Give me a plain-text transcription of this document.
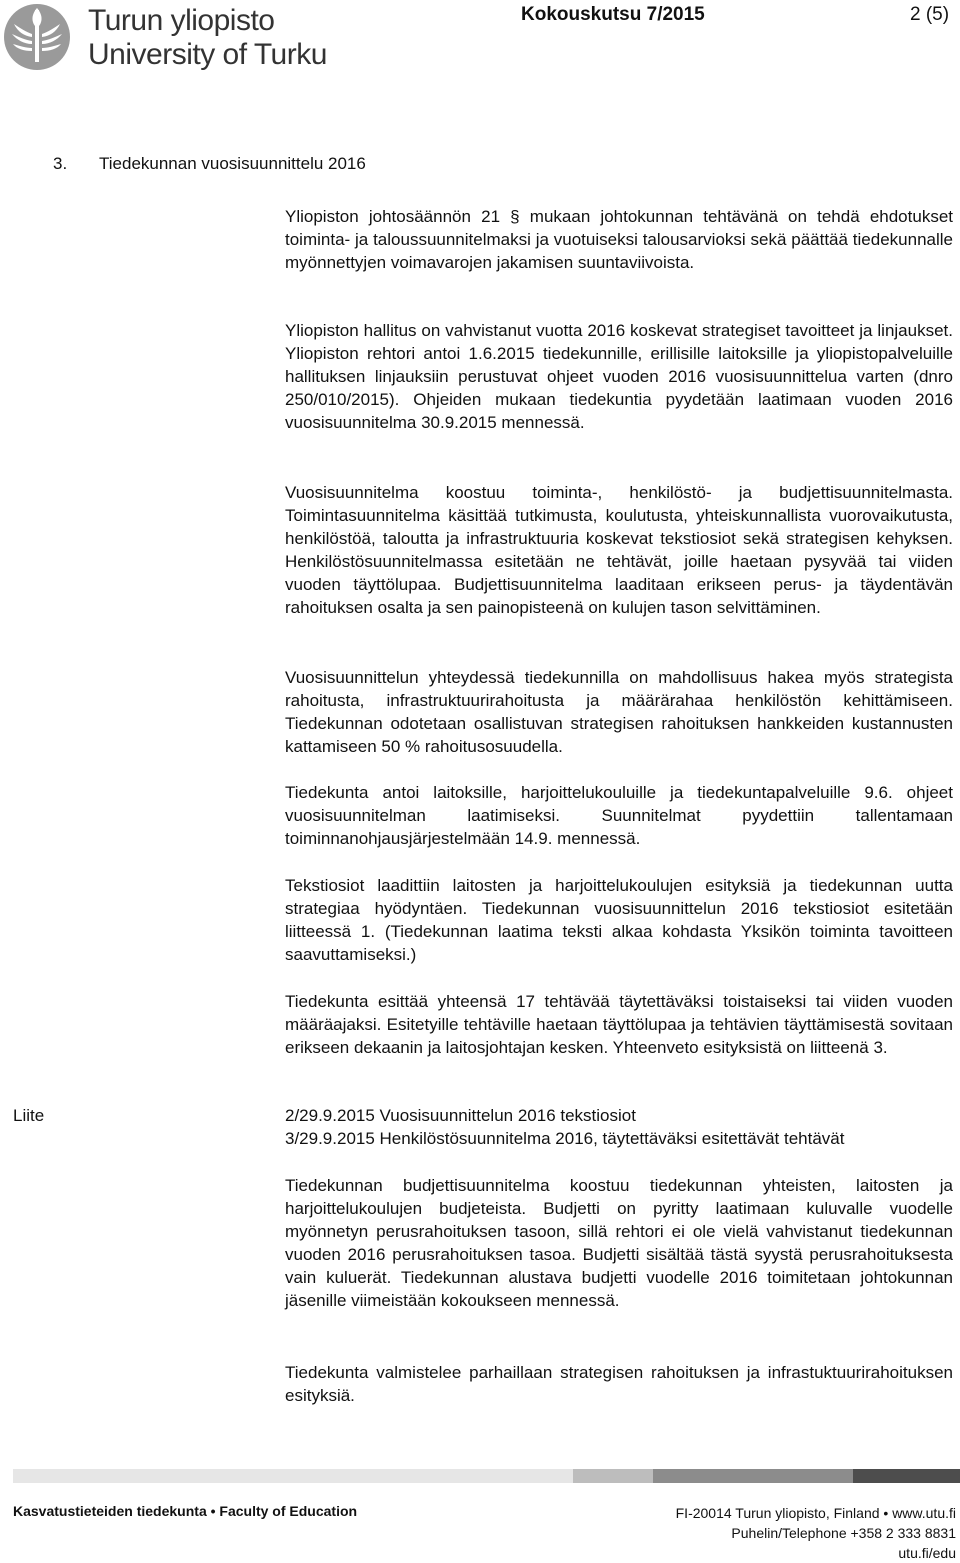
Turun yliopisto
University of Turku
Kokouskutsu 7/2015	2 (5)
3. Tiedekunnan vuosisuunnittelu 2016

Yliopiston johtosäännön 21 § mukaan johtokunnan tehtävänä on tehdä ehdotukset toiminta- ja taloussuunnitelmaksi ja vuotuiseksi talousarvioksi sekä päättää tiedekunnalle myönnettyjen voimavarojen jakamisen suuntaviivoista.

Yliopiston hallitus on vahvistanut vuotta 2016 koskevat strategiset tavoitteet ja linjaukset. Yliopiston rehtori antoi 1.6.2015 tiedekunnille, erillisille laitoksille ja yliopistopalveluille hallituksen linjauksiin perustuvat ohjeet vuoden 2016 vuosisuunnittelua varten (dnro 250/010/2015). Ohjeiden mukaan tiedekuntia pyydetään laatimaan vuoden 2016 vuosisuunnitelma 30.9.2015 mennessä.

Vuosisuunnitelma koostuu toiminta-, henkilöstö- ja budjettisuunnitelmasta. Toimintasuunnitelma käsittää tutkimusta, koulutusta, yhteiskunnallista vuorovaikutusta, henkilöstöä, taloutta ja infrastruktuuria koskevat tekstiosiot sekä strategisen kehyksen. Henkilöstösuunnitelmassa esitetään ne tehtävät, joille haetaan pysyvää tai viiden vuoden täyttölupaa. Budjettisuunnitelma laaditaan erikseen perus- ja täydentävän rahoituksen osalta ja sen painopisteenä on kulujen tason selvittäminen.

Vuosisuunnittelun yhteydessä tiedekunnilla on mahdollisuus hakea myös strategista rahoitusta, infrastruktuurirahoitusta ja määrärahaa henkilöstön kehittämiseen. Tiedekunnan odotetaan osallistuvan strategisen rahoituksen hankkeiden kustannusten kattamiseen 50 % rahoitusosuudella.

Tiedekunta antoi laitoksille, harjoittelukouluille ja tiedekuntapalveluille 9.6. ohjeet vuosisuunnitelman laatimiseksi. Suunnitelmat pyydettiin tallentamaan toiminnanohjausjärjestelmään 14.9. mennessä.

Tekstiosiot laadittiin laitosten ja harjoittelukoulujen esityksiä ja tiedekunnan uutta strategiaa hyödyntäen. Tiedekunnan vuosisuunnittelun 2016 tekstiosiot esitetään liitteessä 1. (Tiedekunnan laatima teksti alkaa kohdasta Yksikön toiminta tavoitteen saavuttamiseksi.)

Tiedekunta esittää yhteensä 17 tehtävää täytettäväksi toistaiseksi tai viiden vuoden määräajaksi. Esitetyille tehtäville haetaan täyttölupaa ja tehtävien täyttämisestä sovitaan erikseen dekaanin ja laitosjohtajan kesken. Yhteenveto esityksistä on liitteenä 3.

Liite	2/29.9.2015 Vuosisuunnittelun 2016 tekstiosiot
3/29.9.2015 Henkilöstösuunnitelma 2016, täytettäväksi esitettävät tehtävät

Tiedekunnan budjettisuunnitelma koostuu tiedekunnan yhteisten, laitosten ja harjoittelukoulujen budjeteista. Budjetti on pyritty laatimaan kuluvalle vuodelle myönnetyn perusrahoituksen tasoon, sillä rehtori ei ole vielä vahvistanut tiedekunnan vuoden 2016 perusrahoituksen tasoa. Budjetti sisältää tästä syystä perusrahoituksesta vain kuluerät. Tiedekunnan alustava budjetti vuodelle 2016 toimitetaan johtokunnan jäsenille viimeistään kokoukseen mennessä.

Tiedekunta valmistelee parhaillaan strategisen rahoituksen ja infrastuktuurirahoituksen esityksiä.

Kasvatustieteiden tiedekunta • Faculty of Education	FI-20014 Turun yliopisto, Finland • www.utu.fi
Puhelin/Telephone +358 2 333 8831
utu.fi/edu
